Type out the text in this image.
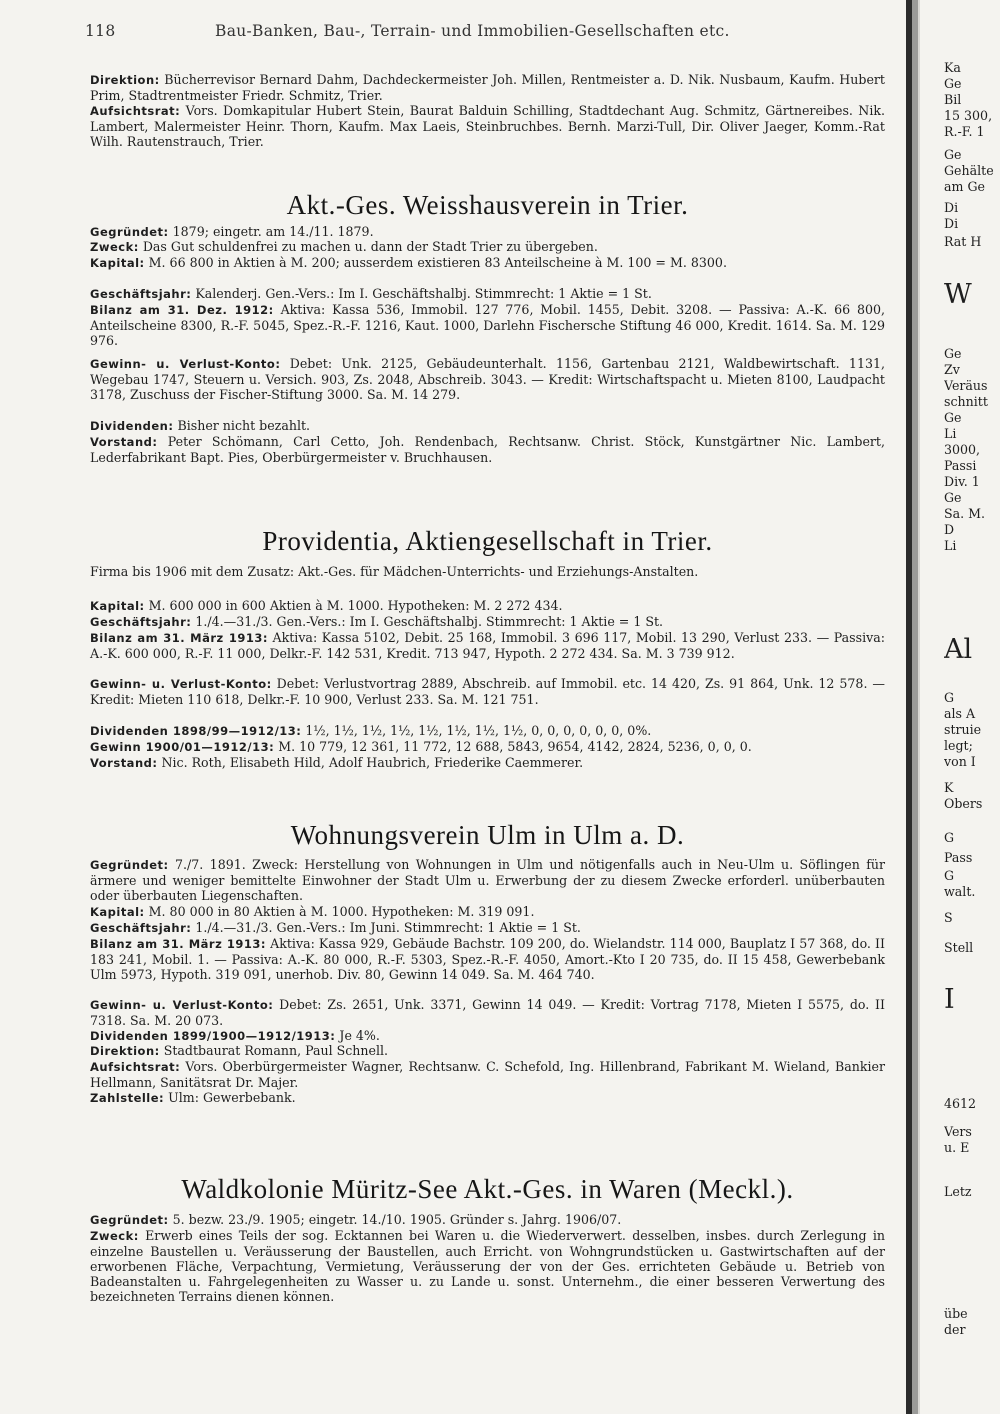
118	Bau-Banken, Bau-, Terrain- und Immobilien-Gesellschaften etc.
Direktion: Bücherrevisor Bernard Dahm, Dachdeckermeister Joh. Millen, Rentmeister a. D. Nik. Nusbaum, Kaufm. Hubert Prim, Stadtrentmeister Friedr. Schmitz, Trier.
Aufsichtsrat: Vors. Domkapitular Hubert Stein, Baurat Balduin Schilling, Stadtdechant Aug. Schmitz, Gärtnereibes. Nik. Lambert, Malermeister Heinr. Thorn, Kaufm. Max Laeis, Steinbruchbes. Bernh. Marzi-Tull, Dir. Oliver Jaeger, Komm.-Rat Wilh. Rautenstrauch, Trier.
Akt.-Ges. Weisshausverein in Trier.
Gegründet: 1879; eingetr. am 14./11. 1879.
Zweck: Das Gut schuldenfrei zu machen u. dann der Stadt Trier zu übergeben.
Kapital: M. 66 800 in Aktien à M. 200; ausserdem existieren 83 Anteilscheine à M. 100 = M. 8300.
Geschäftsjahr: Kalenderj. Gen.-Vers.: Im I. Geschäftshalbj. Stimmrecht: 1 Aktie = 1 St.
Bilanz am 31. Dez. 1912: Aktiva: Kassa 536, Immobil. 127 776, Mobil. 1455, Debit. 3208. — Passiva: A.-K. 66 800, Anteilscheine 8300, R.-F. 5045, Spez.-R.-F. 1216, Kaut. 1000, Darlehn Fischersche Stiftung 46 000, Kredit. 1614. Sa. M. 129 976.
Gewinn- u. Verlust-Konto: Debet: Unk. 2125, Gebäudeunterhalt. 1156, Gartenbau 2121, Waldbewirtschaft. 1131, Wegebau 1747, Steuern u. Versich. 903, Zs. 2048, Abschreib. 3043. — Kredit: Wirtschaftspacht u. Mieten 8100, Laudpacht 3178, Zuschuss der Fischer-Stiftung 3000. Sa. M. 14 279.
Dividenden: Bisher nicht bezahlt.
Vorstand: Peter Schömann, Carl Cetto, Joh. Rendenbach, Rechtsanw. Christ. Stöck, Kunstgärtner Nic. Lambert, Lederfabrikant Bapt. Pies, Oberbürgermeister v. Bruchhausen.
Providentia, Aktiengesellschaft in Trier.
Firma bis 1906 mit dem Zusatz: Akt.-Ges. für Mädchen-Unterrichts- und Erziehungs-Anstalten.
Kapital: M. 600 000 in 600 Aktien à M. 1000. Hypotheken: M. 2 272 434.
Geschäftsjahr: 1./4.—31./3. Gen.-Vers.: Im I. Geschäftshalbj. Stimmrecht: 1 Aktie = 1 St.
Bilanz am 31. März 1913: Aktiva: Kassa 5102, Debit. 25 168, Immobil. 3 696 117, Mobil. 13 290, Verlust 233. — Passiva: A.-K. 600 000, R.-F. 11 000, Delkr.-F. 142 531, Kredit. 713 947, Hypoth. 2 272 434. Sa. M. 3 739 912.
Gewinn- u. Verlust-Konto: Debet: Verlustvortrag 2889, Abschreib. auf Immobil. etc. 14 420, Zs. 91 864, Unk. 12 578. — Kredit: Mieten 110 618, Delkr.-F. 10 900, Verlust 233. Sa. M. 121 751.
Dividenden 1898/99—1912/13: 1½, 1½, 1½, 1½, 1½, 1½, 1½, 1½, 0, 0, 0, 0, 0, 0, 0%.
Gewinn 1900/01—1912/13: M. 10 779, 12 361, 11 772, 12 688, 5843, 9654, 4142, 2824, 5236, 0, 0, 0.
Vorstand: Nic. Roth, Elisabeth Hild, Adolf Haubrich, Friederike Caemmerer.
Wohnungsverein Ulm in Ulm a. D.
Gegründet: 7./7. 1891. Zweck: Herstellung von Wohnungen in Ulm und nötigenfalls auch in Neu-Ulm u. Söflingen für ärmere und weniger bemittelte Einwohner der Stadt Ulm u. Erwerbung der zu diesem Zwecke erforderl. unüberbauten oder überbauten Liegenschaften.
Kapital: M. 80 000 in 80 Aktien à M. 1000. Hypotheken: M. 319 091.
Geschäftsjahr: 1./4.—31./3. Gen.-Vers.: Im Juni. Stimmrecht: 1 Aktie = 1 St.
Bilanz am 31. März 1913: Aktiva: Kassa 929, Gebäude Bachstr. 109 200, do. Wielandstr. 114 000, Bauplatz I 57 368, do. II 183 241, Mobil. 1. — Passiva: A.-K. 80 000, R.-F. 5303, Spez.-R.-F. 4050, Amort.-Kto I 20 735, do. II 15 458, Gewerbebank Ulm 5973, Hypoth. 319 091, unerhob. Div. 80, Gewinn 14 049. Sa. M. 464 740.
Gewinn- u. Verlust-Konto: Debet: Zs. 2651, Unk. 3371, Gewinn 14 049. — Kredit: Vortrag 7178, Mieten I 5575, do. II 7318. Sa. M. 20 073.
Dividenden 1899/1900—1912/1913: Je 4%.
Direktion: Stadtbaurat Romann, Paul Schnell.
Aufsichtsrat: Vors. Oberbürgermeister Wagner, Rechtsanw. C. Schefold, Ing. Hillenbrand, Fabrikant M. Wieland, Bankier Hellmann, Sanitätsrat Dr. Majer.
Zahlstelle: Ulm: Gewerbebank.
Waldkolonie Müritz-See Akt.-Ges. in Waren (Meckl.).
Gegründet: 5. bezw. 23./9. 1905; eingetr. 14./10. 1905. Gründer s. Jahrg. 1906/07.
Zweck: Erwerb eines Teils der sog. Ecktannen bei Waren u. die Wiederverwert. desselben, insbes. durch Zerlegung in einzelne Baustellen u. Veräusserung der Baustellen, auch Erricht. von Wohngrundstücken u. Gastwirtschaften auf der erworbenen Fläche, Verpachtung, Vermietung, Veräusserung der von der Ges. errichteten Gebäude u. Betrieb von Badeanstalten u. Fahrgelegenheiten zu Wasser u. zu Lande u. sonst. Unternehm., die einer besseren Verwertung des bezeichneten Terrains dienen können.
Ka
Ge
Bil
15 300,
R.-F. 1
Ge
Gehälte
am Ge
Di
Di
Rat H
W
Ge
Zv
Veräus
schnitt
Ge
Li
3000,
Passi
Div. 1
Ge
Sa. M.
D
Li
Al
G
als A
struie
legt;
von I
K
Obers
G
Pass
G
walt.
S
Stell
I
4612
Vers
u. E
Letz
übe
der
